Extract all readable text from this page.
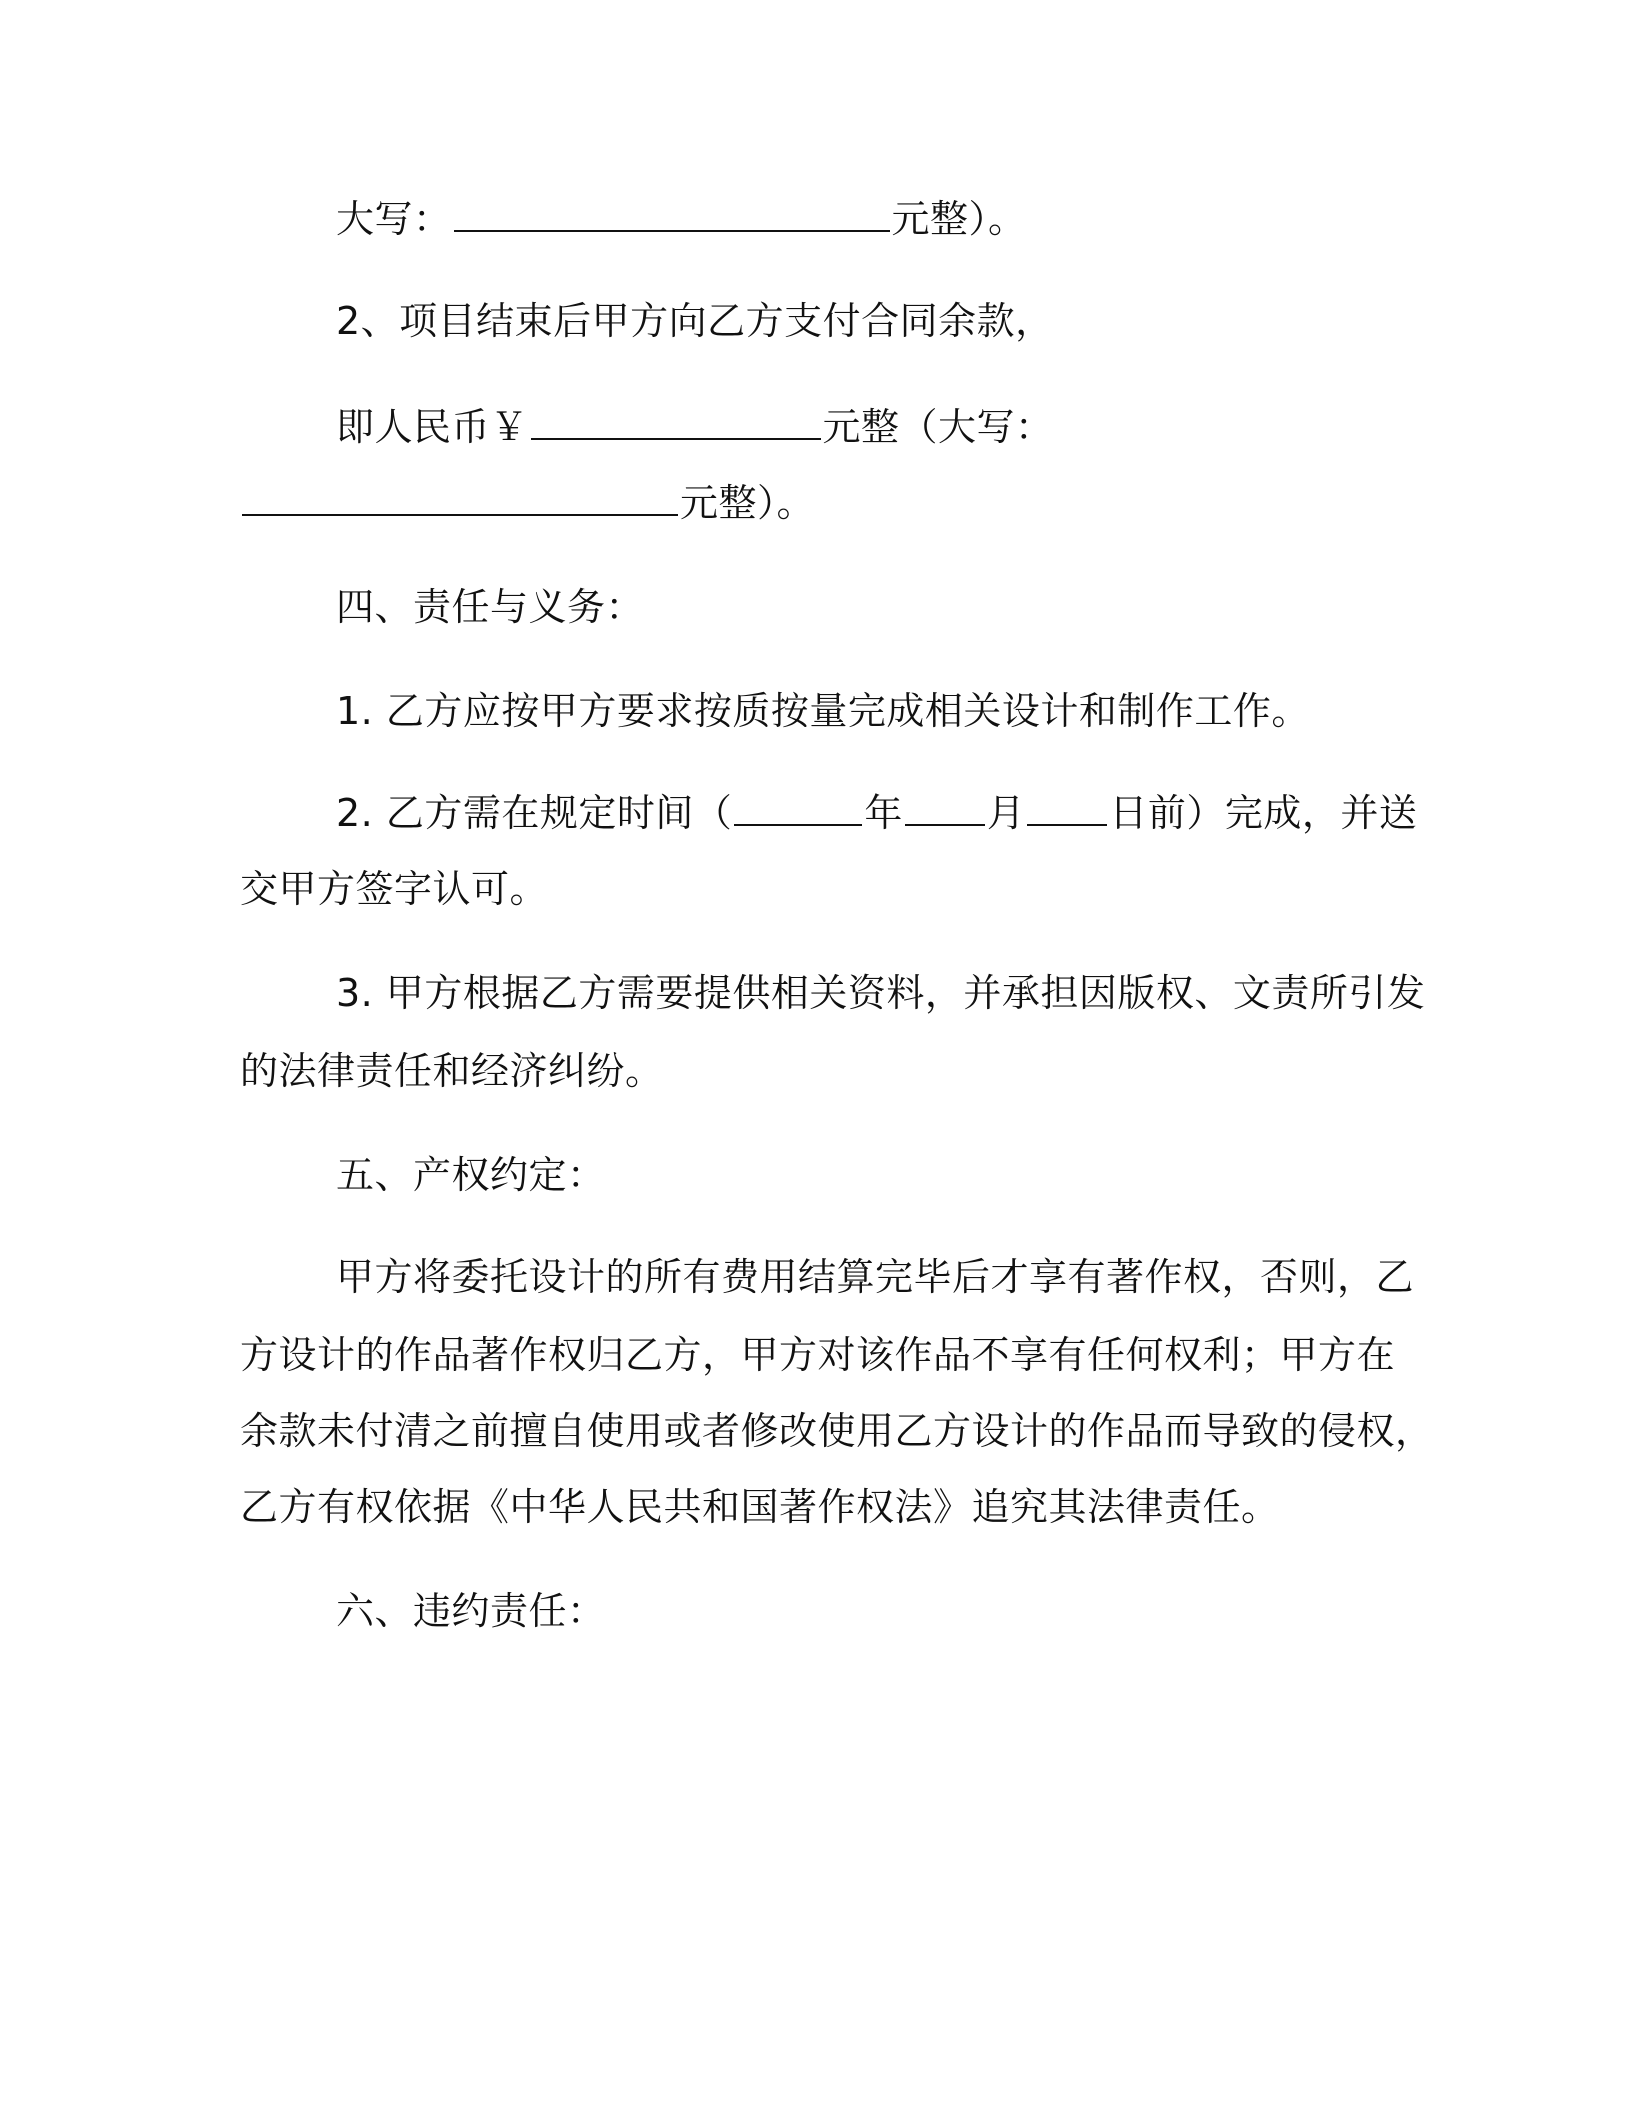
大写：	元整）。
2、项目结束后甲方向乙方支付合同余款，
即人民币￥	元整（大写：
元整）。
四、责任与义务：
1. 乙方应按甲方要求按质按量完成相关设计和制作工作。
2. 乙方需在规定时间（	年 月 日前）完成，并送
交甲方签字认可。
3. 甲方根据乙方需要提供相关资料，并承担因版权、文责所引发
的法律责任和经济纠纷。
五、产权约定：
甲方将委托设计的所有费用结算完毕后才享有著作权，否则，乙
方设计的作品著作权归乙方，甲方对该作品不享有任何权利；甲方在
余款未付清之前擅自使用或者修改使用乙方设计的作品而导致的侵权，
乙方有权依据《中华人民共和国著作权法》追究其法律责任。
六、违约责任：
